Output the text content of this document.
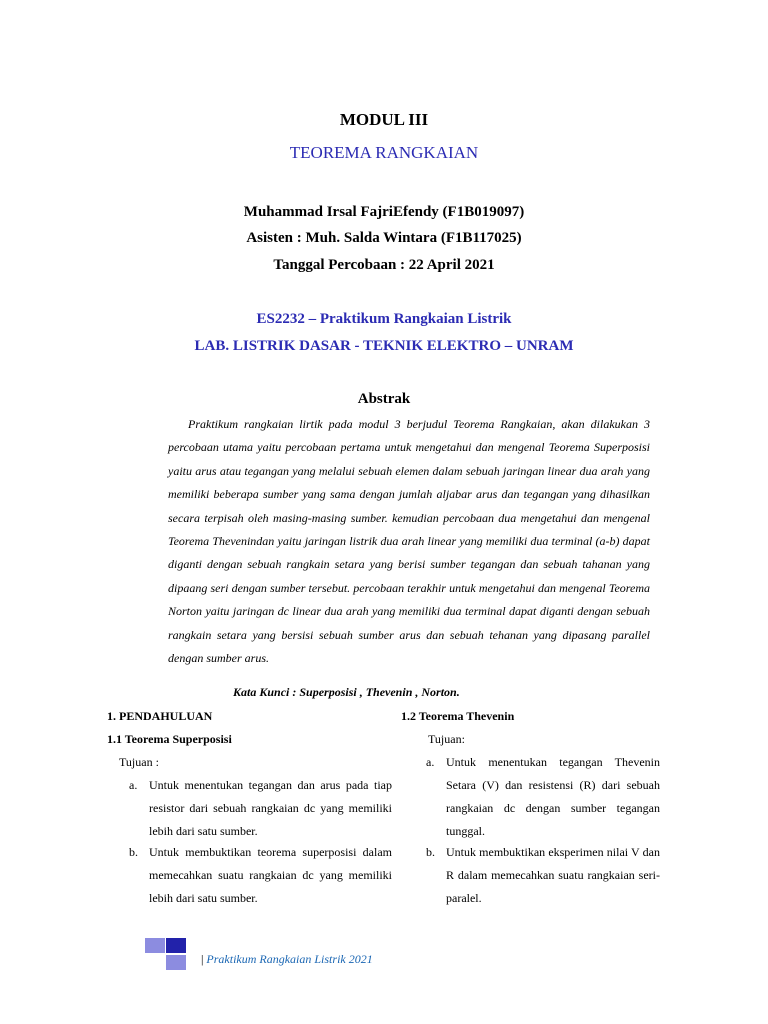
MODUL III
TEOREMA RANGKAIAN
Muhammad Irsal FajriEfendy (F1B019097)
Asisten : Muh. Salda Wintara (F1B117025)
Tanggal Percobaan : 22 April 2021
ES2232 – Praktikum Rangkaian Listrik
LAB. LISTRIK DASAR - TEKNIK ELEKTRO – UNRAM
Abstrak

Praktikum rangkaian lirtik pada modul 3 berjudul Teorema Rangkaian, akan dilakukan 3 percobaan utama yaitu percobaan pertama untuk mengetahui dan mengenal Teorema Superposisi yaitu arus atau tegangan yang melalui sebuah elemen dalam sebuah jaringan linear dua arah yang memiliki beberapa sumber yang sama dengan jumlah aljabar arus dan tegangan yang dihasilkan secara terpisah oleh masing-masing sumber. kemudian percobaan dua mengetahui dan mengenal Teorema Thevenindan yaitu jaringan listrik dua arah linear yang memiliki dua terminal (a-b) dapat diganti dengan sebuah rangkain setara yang berisi sumber tegangan dan sebuah tahanan yang dipaang seri dengan sumber tersebut. percobaan terakhir untuk mengetahui dan mengenal Teorema Norton yaitu jaringan dc linear dua arah yang memiliki dua terminal dapat diganti dengan sebuah rangkain setara yang bersisi sebuah sumber arus dan sebuah tehanan yang dipasang parallel dengan sumber arus.

Kata Kunci : Superposisi , Thevenin , Norton.
1. PENDAHULUAN
1.1 Teorema Superposisi
Tujuan :
a. Untuk menentukan tegangan dan arus pada tiap resistor dari sebuah rangkaian dc yang memiliki lebih dari satu sumber.
b. Untuk membuktikan teorema superposisi dalam memecahkan suatu rangkaian dc yang memiliki lebih dari satu sumber.
1.2 Teorema Thevenin
Tujuan:
a. Untuk menentukan tegangan Thevenin Setara (V) dan resistensi (R) dari sebuah rangkaian dc dengan sumber tegangan tunggal.
b. Untuk membuktikan eksperimen nilai V dan R dalam memecahkan suatu rangkaian seri-paralel.
| Praktikum Rangkaian Listrik 2021
